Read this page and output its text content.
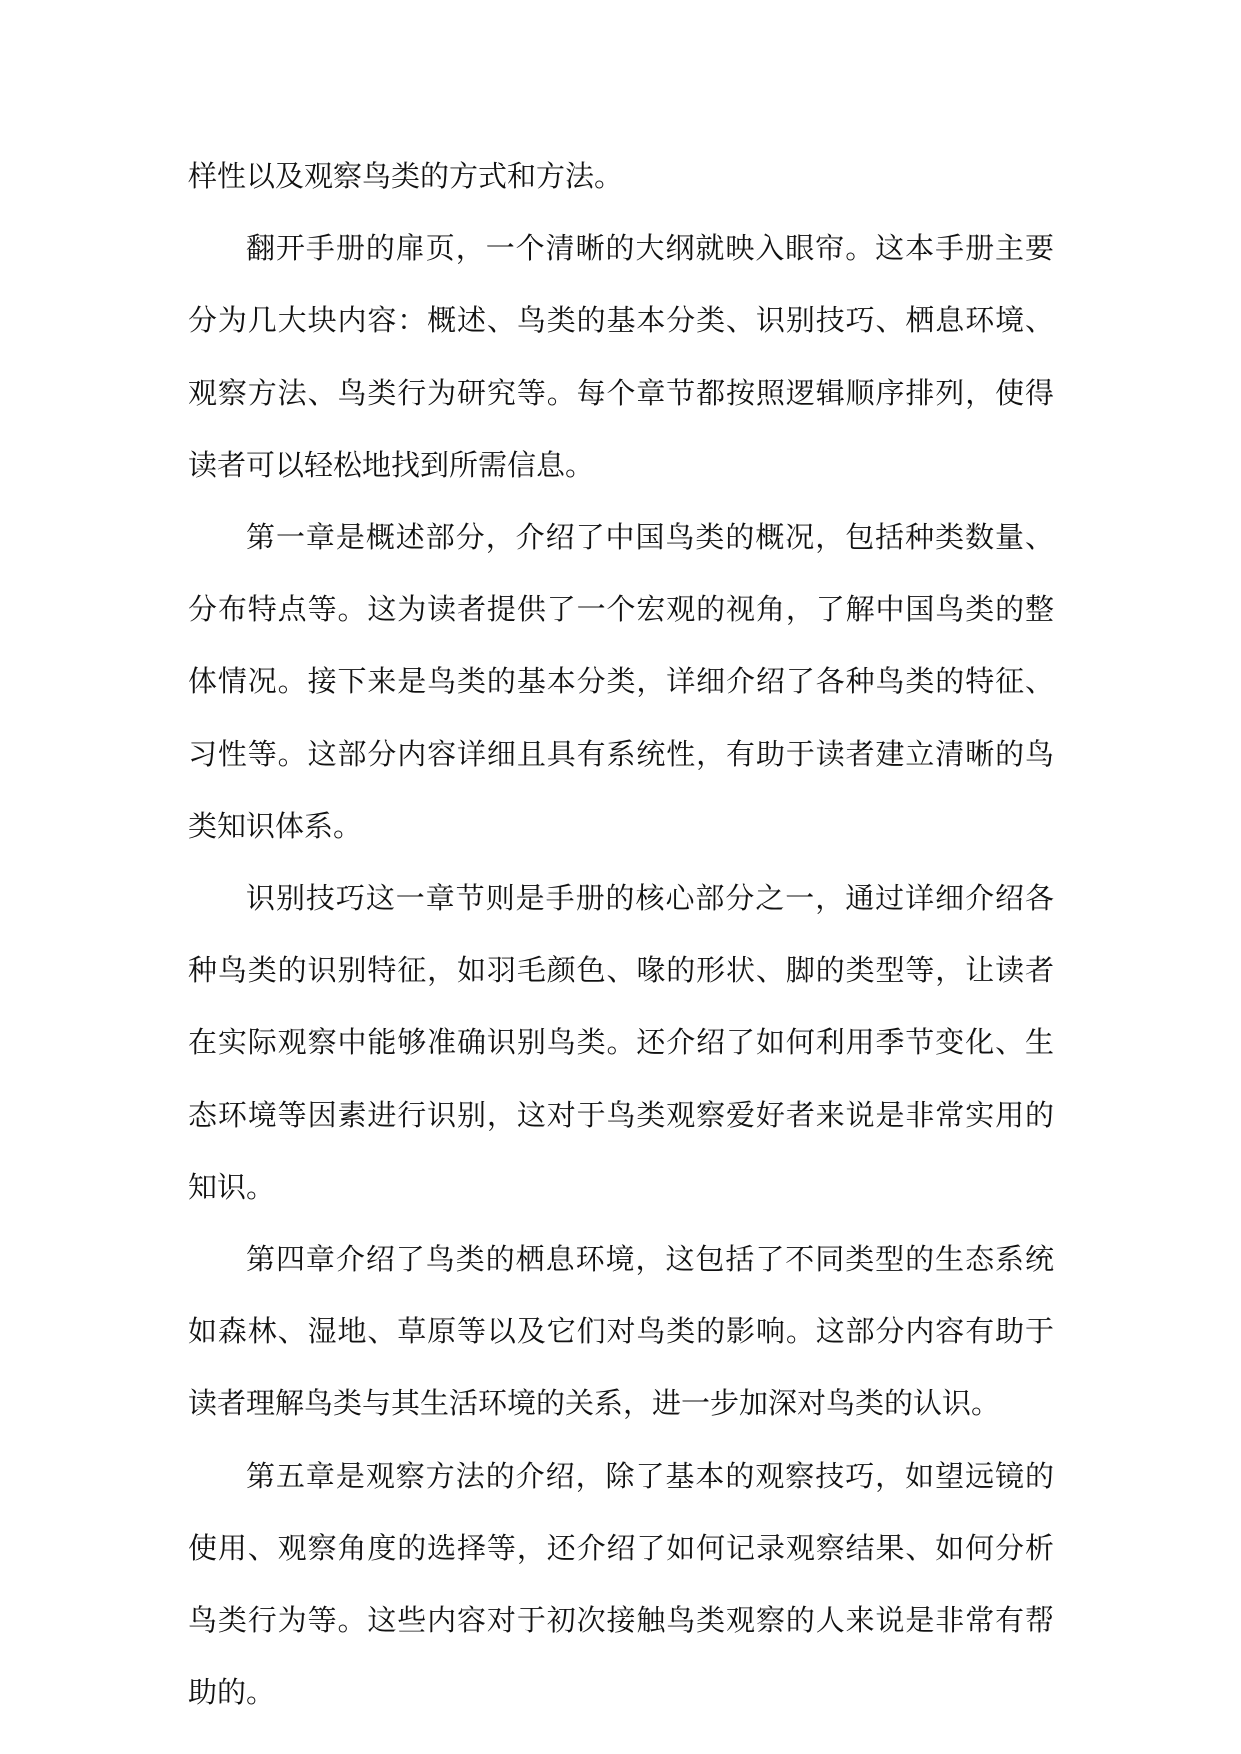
样性以及观察鸟类的方式和方法。

翻开手册的扉页，一个清晰的大纲就映入眼帘。这本手册主要分为几大块内容：概述、鸟类的基本分类、识别技巧、栖息环境、观察方法、鸟类行为研究等。每个章节都按照逻辑顺序排列，使得读者可以轻松地找到所需信息。

第一章是概述部分，介绍了中国鸟类的概况，包括种类数量、分布特点等。这为读者提供了一个宏观的视角，了解中国鸟类的整体情况。接下来是鸟类的基本分类，详细介绍了各种鸟类的特征、习性等。这部分内容详细且具有系统性，有助于读者建立清晰的鸟类知识体系。

识别技巧这一章节则是手册的核心部分之一，通过详细介绍各种鸟类的识别特征，如羽毛颜色、喙的形状、脚的类型等，让读者在实际观察中能够准确识别鸟类。还介绍了如何利用季节变化、生态环境等因素进行识别，这对于鸟类观察爱好者来说是非常实用的知识。

第四章介绍了鸟类的栖息环境，这包括了不同类型的生态系统如森林、湿地、草原等以及它们对鸟类的影响。这部分内容有助于读者理解鸟类与其生活环境的关系，进一步加深对鸟类的认识。

第五章是观察方法的介绍，除了基本的观察技巧，如望远镜的使用、观察角度的选择等，还介绍了如何记录观察结果、如何分析鸟类行为等。这些内容对于初次接触鸟类观察的人来说是非常有帮助的。
